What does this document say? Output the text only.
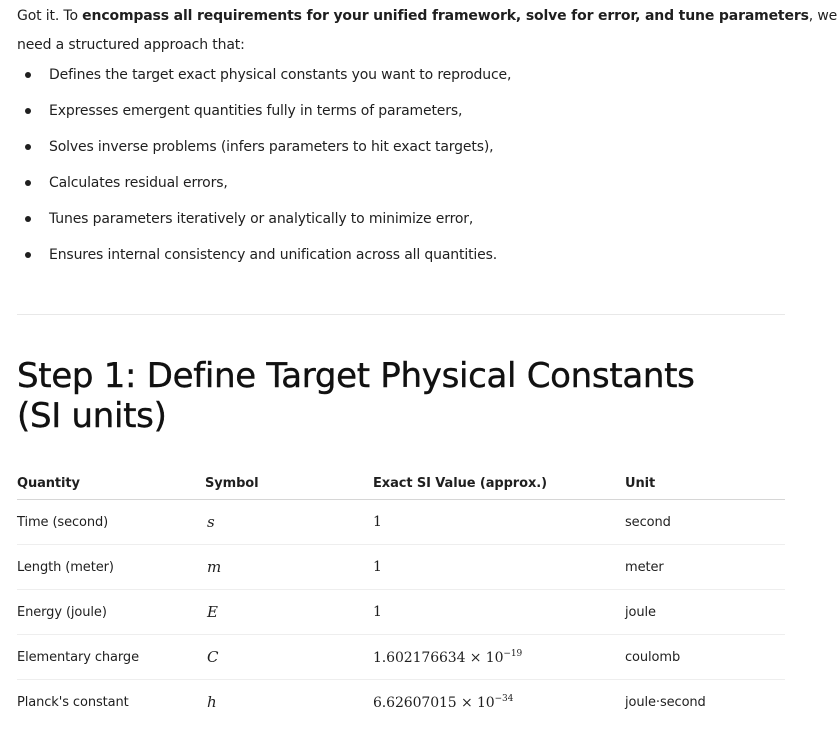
Got it. To encompass all requirements for your unified framework, solve for error, and tune parameters, we
need a structured approach that:

Defines the target exact physical constants you want to reproduce,
Expresses emergent quantities fully in terms of parameters,
Solves inverse problems (infers parameters to hit exact targets),
Calculates residual errors,
Tunes parameters iteratively or analytically to minimize error,
Ensures internal consistency and unification across all quantities.
Step 1: Define Target Physical Constants (SI units)
Quantity	Symbol	Exact SI Value (approx.)	Unit
Time (second)	s	1	second
Length (meter)	m	1	meter
Energy (joule)	E	1	joule
Elementary charge	C	$1.602176634 \times 10^{-19}$	coulomb
Planck's constant	h	$6.62607015 \times 10^{-34}$	joule·second
